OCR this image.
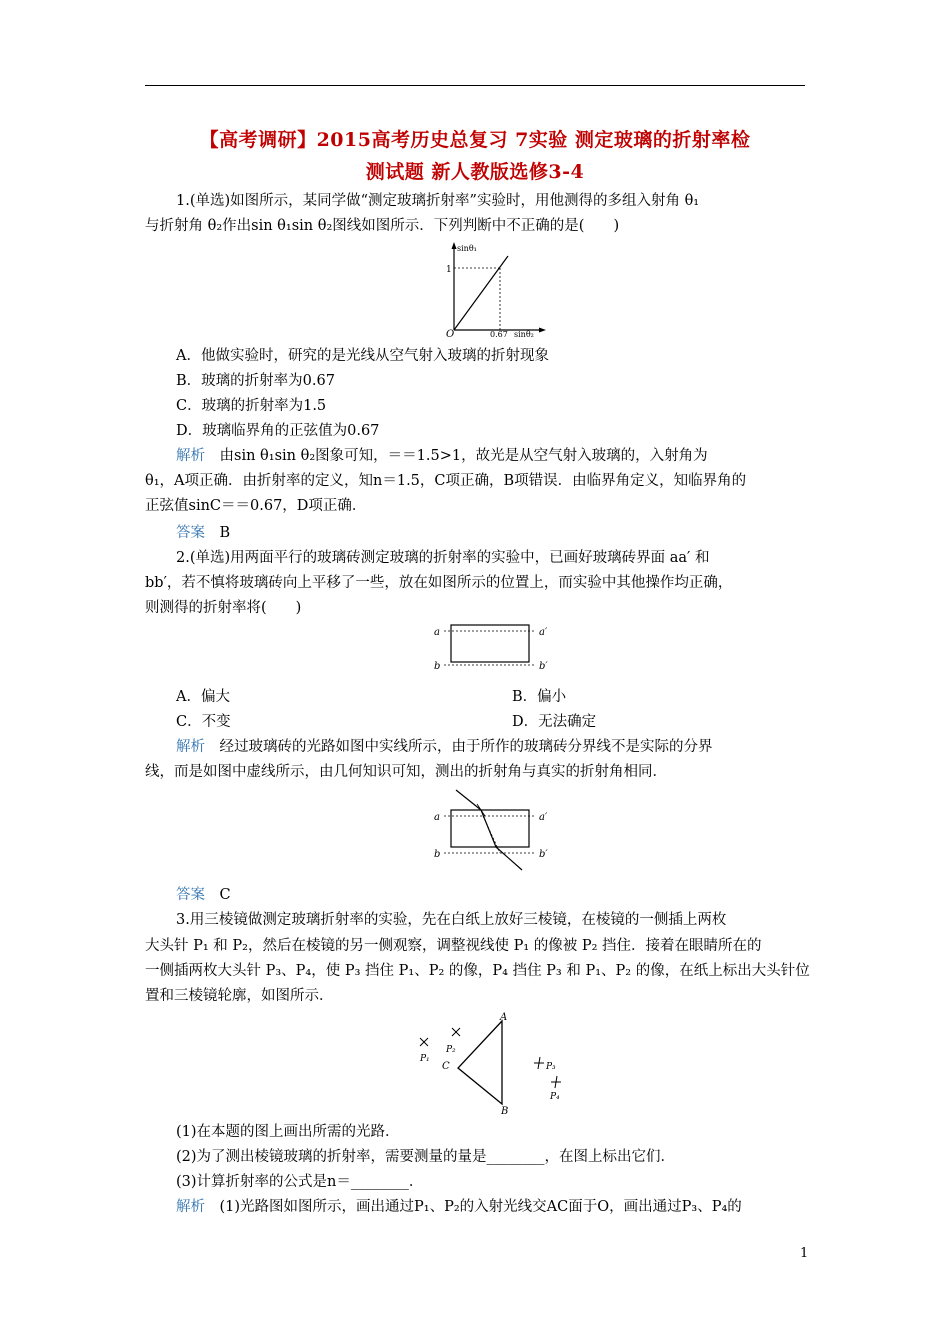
【高考调研】2015高考历史总复习 7实验 测定玻璃的折射率检
测试题 新人教版选修3-4
1.(单选)如图所示，某同学做“测定玻璃折射率”实验时，用他测得的多组入射角 θ₁
与折射角 θ₂作出sin θ₁sin θ₂图线如图所示．下列判断中不正确的是(　　)
sinθ₁
1
O	0.67 sinθ₂
A．他做实验时，研究的是光线从空气射入玻璃的折射现象
B．玻璃的折射率为0.67
C．玻璃的折射率为1.5
D．玻璃临界角的正弦值为0.67
解析  由sin θ₁sin θ₂图象可知，＝＝1.5>1，故光是从空气射入玻璃的，入射角为
θ₁，A项正确．由折射率的定义，知n＝1.5，C项正确，B项错误．由临界角定义，知临界角的
正弦值sinC＝＝0.67，D项正确．
答案  B
2.(单选)用两面平行的玻璃砖测定玻璃的折射率的实验中，已画好玻璃砖界面 aa′ 和
bb′，若不慎将玻璃砖向上平移了一些，放在如图所示的位置上，而实验中其他操作均正确，
则测得的折射率将(　　)
a	a′
b	b′
A．偏大	B．偏小
C．不变	D．无法确定
解析  经过玻璃砖的光路如图中实线所示，由于所作的玻璃砖分界线不是实际的分界
线，而是如图中虚线所示，由几何知识可知，测出的折射角与真实的折射角相同．
a	a′
b	b′
答案  C
3.用三棱镜做测定玻璃折射率的实验，先在白纸上放好三棱镜，在棱镜的一侧插上两枚
大头针 P₁ 和 P₂，然后在棱镜的另一侧观察，调整视线使 P₁ 的像被 P₂ 挡住．接着在眼睛所在的
一侧插两枚大头针 P₃、P₄，使 P₃ 挡住 P₁、P₂ 的像，P₄ 挡住 P₃ 和 P₁、P₂ 的像，在纸上标出大头针位
置和三棱镜轮廓，如图所示．
A
C
B
P₁
P₂
P₃
P₄
(1)在本题的图上画出所需的光路．
(2)为了测出棱镜玻璃的折射率，需要测量的量是________，在图上标出它们．
(3)计算折射率的公式是n＝________．
解析  (1)光路图如图所示，画出通过P₁、P₂的入射光线交AC面于O，画出通过P₃、P₄的
1
